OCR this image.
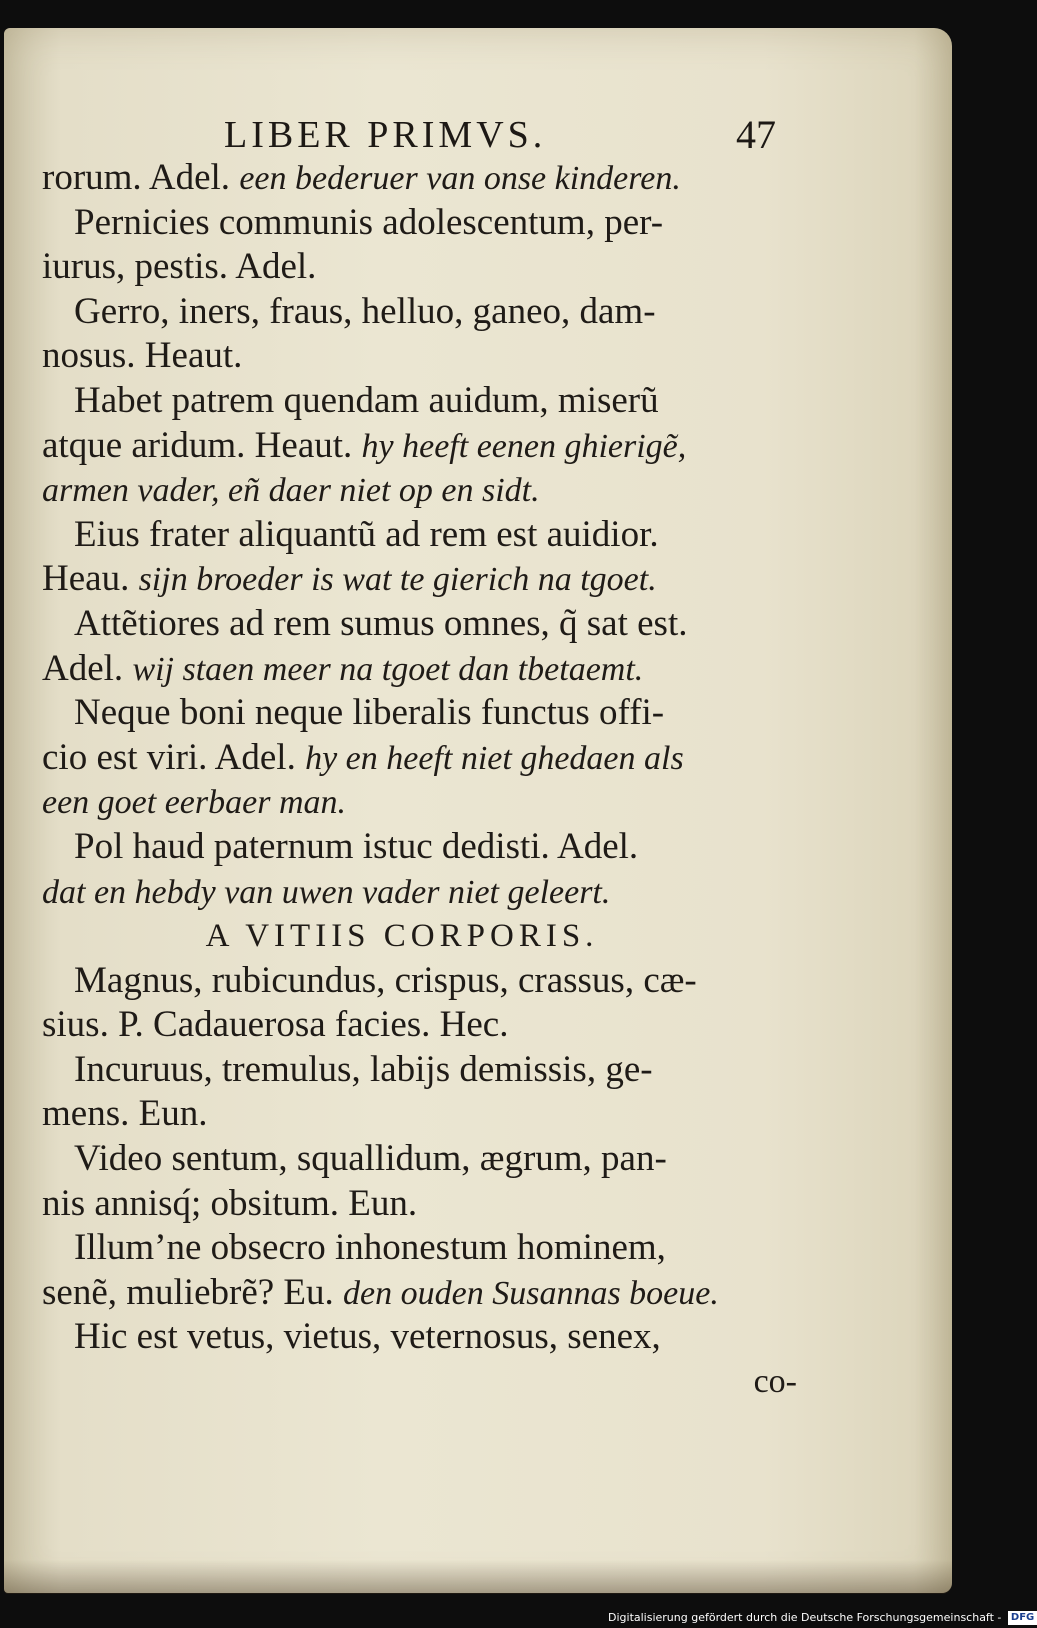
LIBER PRIMVS.	47
rorum. Adel. een bederuer van onse kinderen.
Pernicies communis adolescentum, per-
iurus, pestis. Adel.
Gerro, iners, fraus, helluo, ganeo, dam-
nosus. Heaut.
Habet patrem quendam auidum, miserũ
atque aridum. Heaut. hy heeft eenen ghierigẽ,
armen vader, eñ daer niet op en sidt.
Eius frater aliquantũ ad rem est auidior.
Heau. sijn broeder is wat te gierich na tgoet.
Attẽtiores ad rem sumus omnes, q̃ sat est.
Adel. wij staen meer na tgoet dan tbetaemt.
Neque boni neque liberalis functus offi-
cio est viri. Adel. hy en heeft niet ghedaen als
een goet eerbaer man.
Pol haud paternum istuc dedisti. Adel.
dat en hebdy van uwen vader niet geleert.
A VITIIS CORPORIS.
Magnus, rubicundus, crispus, crassus, cæ-
sius. P. Cadauerosa facies. Hec.
Incuruus, tremulus, labijs demissis, ge-
mens. Eun.
Video sentum, squallidum, ægrum, pan-
nis annisq́; obsitum. Eun.
Illum’ne obsecro inhonestum hominem,
senẽ, muliebrẽ? Eu. den ouden Susannas boeue.
Hic est vetus, vietus, veternosus, senex,
co-
Digitalisierung gefördert durch die Deutsche Forschungsgemeinschaft - DFG
